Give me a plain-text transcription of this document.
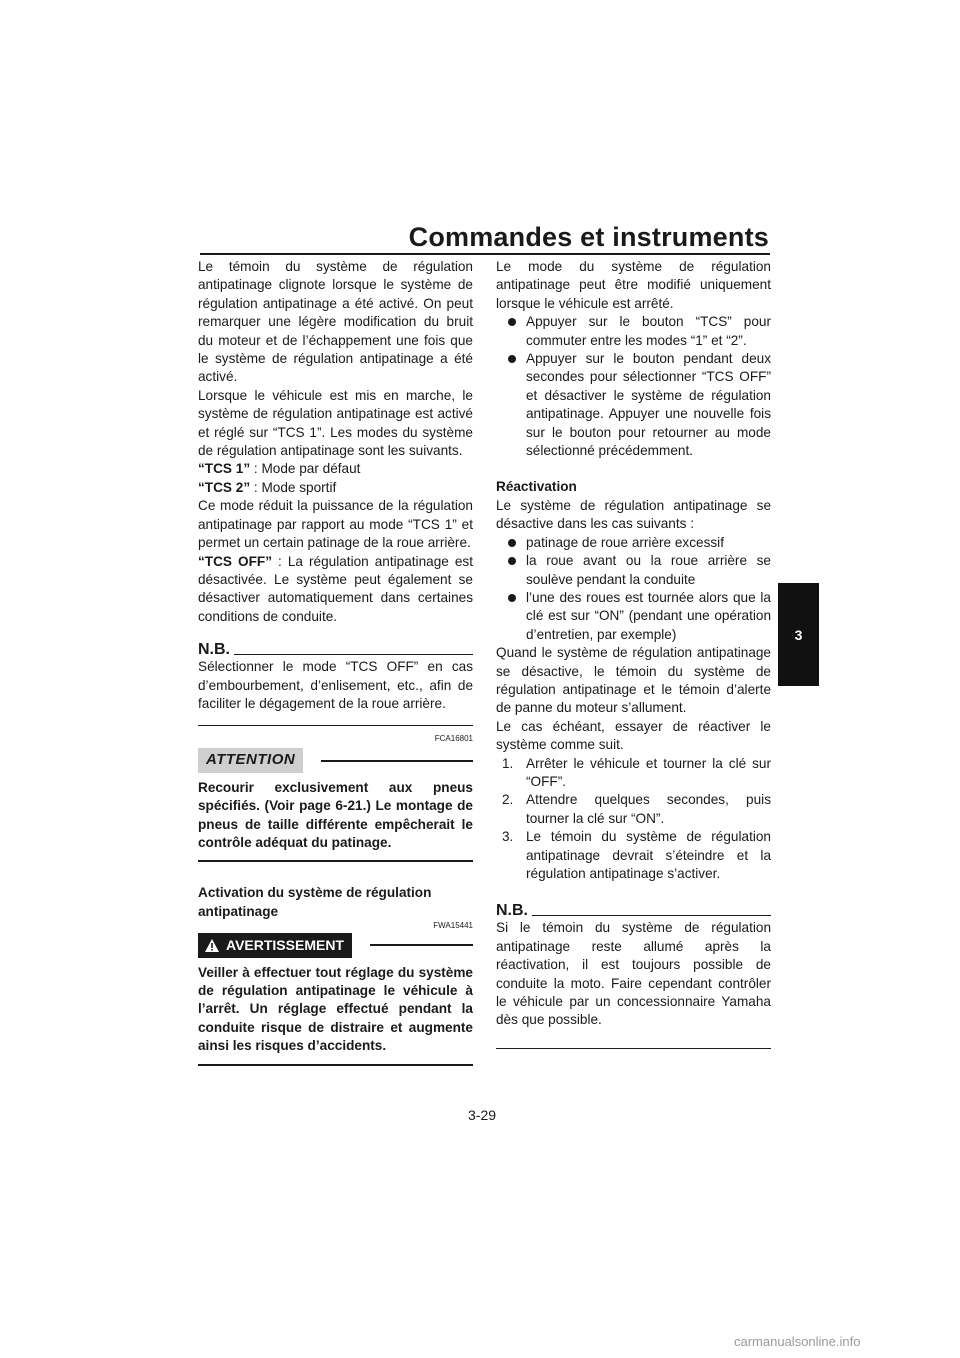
Commandes et instruments
3

Le témoin du système de régulation antipatinage clignote lorsque le système de régulation antipatinage a été activé. On peut remarquer une légère modification du bruit du moteur et de l’échappement une fois que le système de régulation antipatinage a été activé.

Lorsque le véhicule est mis en marche, le système de régulation antipatinage est activé et réglé sur “TCS 1”. Les modes du système de régulation antipatinage sont les suivants.

“TCS 1” : Mode par défaut

“TCS 2” : Mode sportif

Ce mode réduit la puissance de la régulation antipatinage par rapport au mode “TCS 1” et permet un certain patinage de la roue arrière.

“TCS OFF” : La régulation antipatinage est désactivée. Le système peut également se désactiver automatiquement dans certaines conditions de conduite.

N.B.

Sélectionner le mode “TCS OFF” en cas d’embourbement, d’enlisement, etc., afin de faciliter le dégagement de la roue arrière.

FCA16801
ATTENTION

Recourir exclusivement aux pneus spécifiés. (Voir page 6-21.) Le montage de pneus de taille différente empêcherait le contrôle adéquat du patinage.

Activation du système de régulation antipatinage

FWA15441
AVERTISSEMENT

Veiller à effectuer tout réglage du système de régulation antipatinage le véhicule à l’arrêt. Un réglage effectué pendant la conduite risque de distraire et augmente ainsi les risques d’accidents.

Le mode du système de régulation antipatinage peut être modifié uniquement lorsque le véhicule est arrêté.

Appuyer sur le bouton “TCS” pour commuter entre les modes “1” et “2”.
Appuyer sur le bouton pendant deux secondes pour sélectionner “TCS OFF” et désactiver le système de régulation antipatinage. Appuyer une nouvelle fois sur le bouton pour retourner au mode sélectionné précédemment.

Réactivation

Le système de régulation antipatinage se désactive dans les cas suivants :

patinage de roue arrière excessif
la roue avant ou la roue arrière se soulève pendant la conduite
l’une des roues est tournée alors que la clé est sur “ON” (pendant une opération d’entretien, par exemple)

Quand le système de régulation antipatinage se désactive, le témoin du système de régulation antipatinage et le témoin d’alerte de panne du moteur s’allument.

Le cas échéant, essayer de réactiver le système comme suit.

1. Arrêter le véhicule et tourner la clé sur “OFF”.
2. Attendre quelques secondes, puis tourner la clé sur “ON”.
3. Le témoin du système de régulation antipatinage devrait s’éteindre et la régulation antipatinage s’activer.
N.B.

Si le témoin du système de régulation antipatinage reste allumé après la réactivation, il est toujours possible de conduite la moto. Faire cependant contrôler le véhicule par un concessionnaire Yamaha dès que possible.

3-29
carmanualsonline.info
